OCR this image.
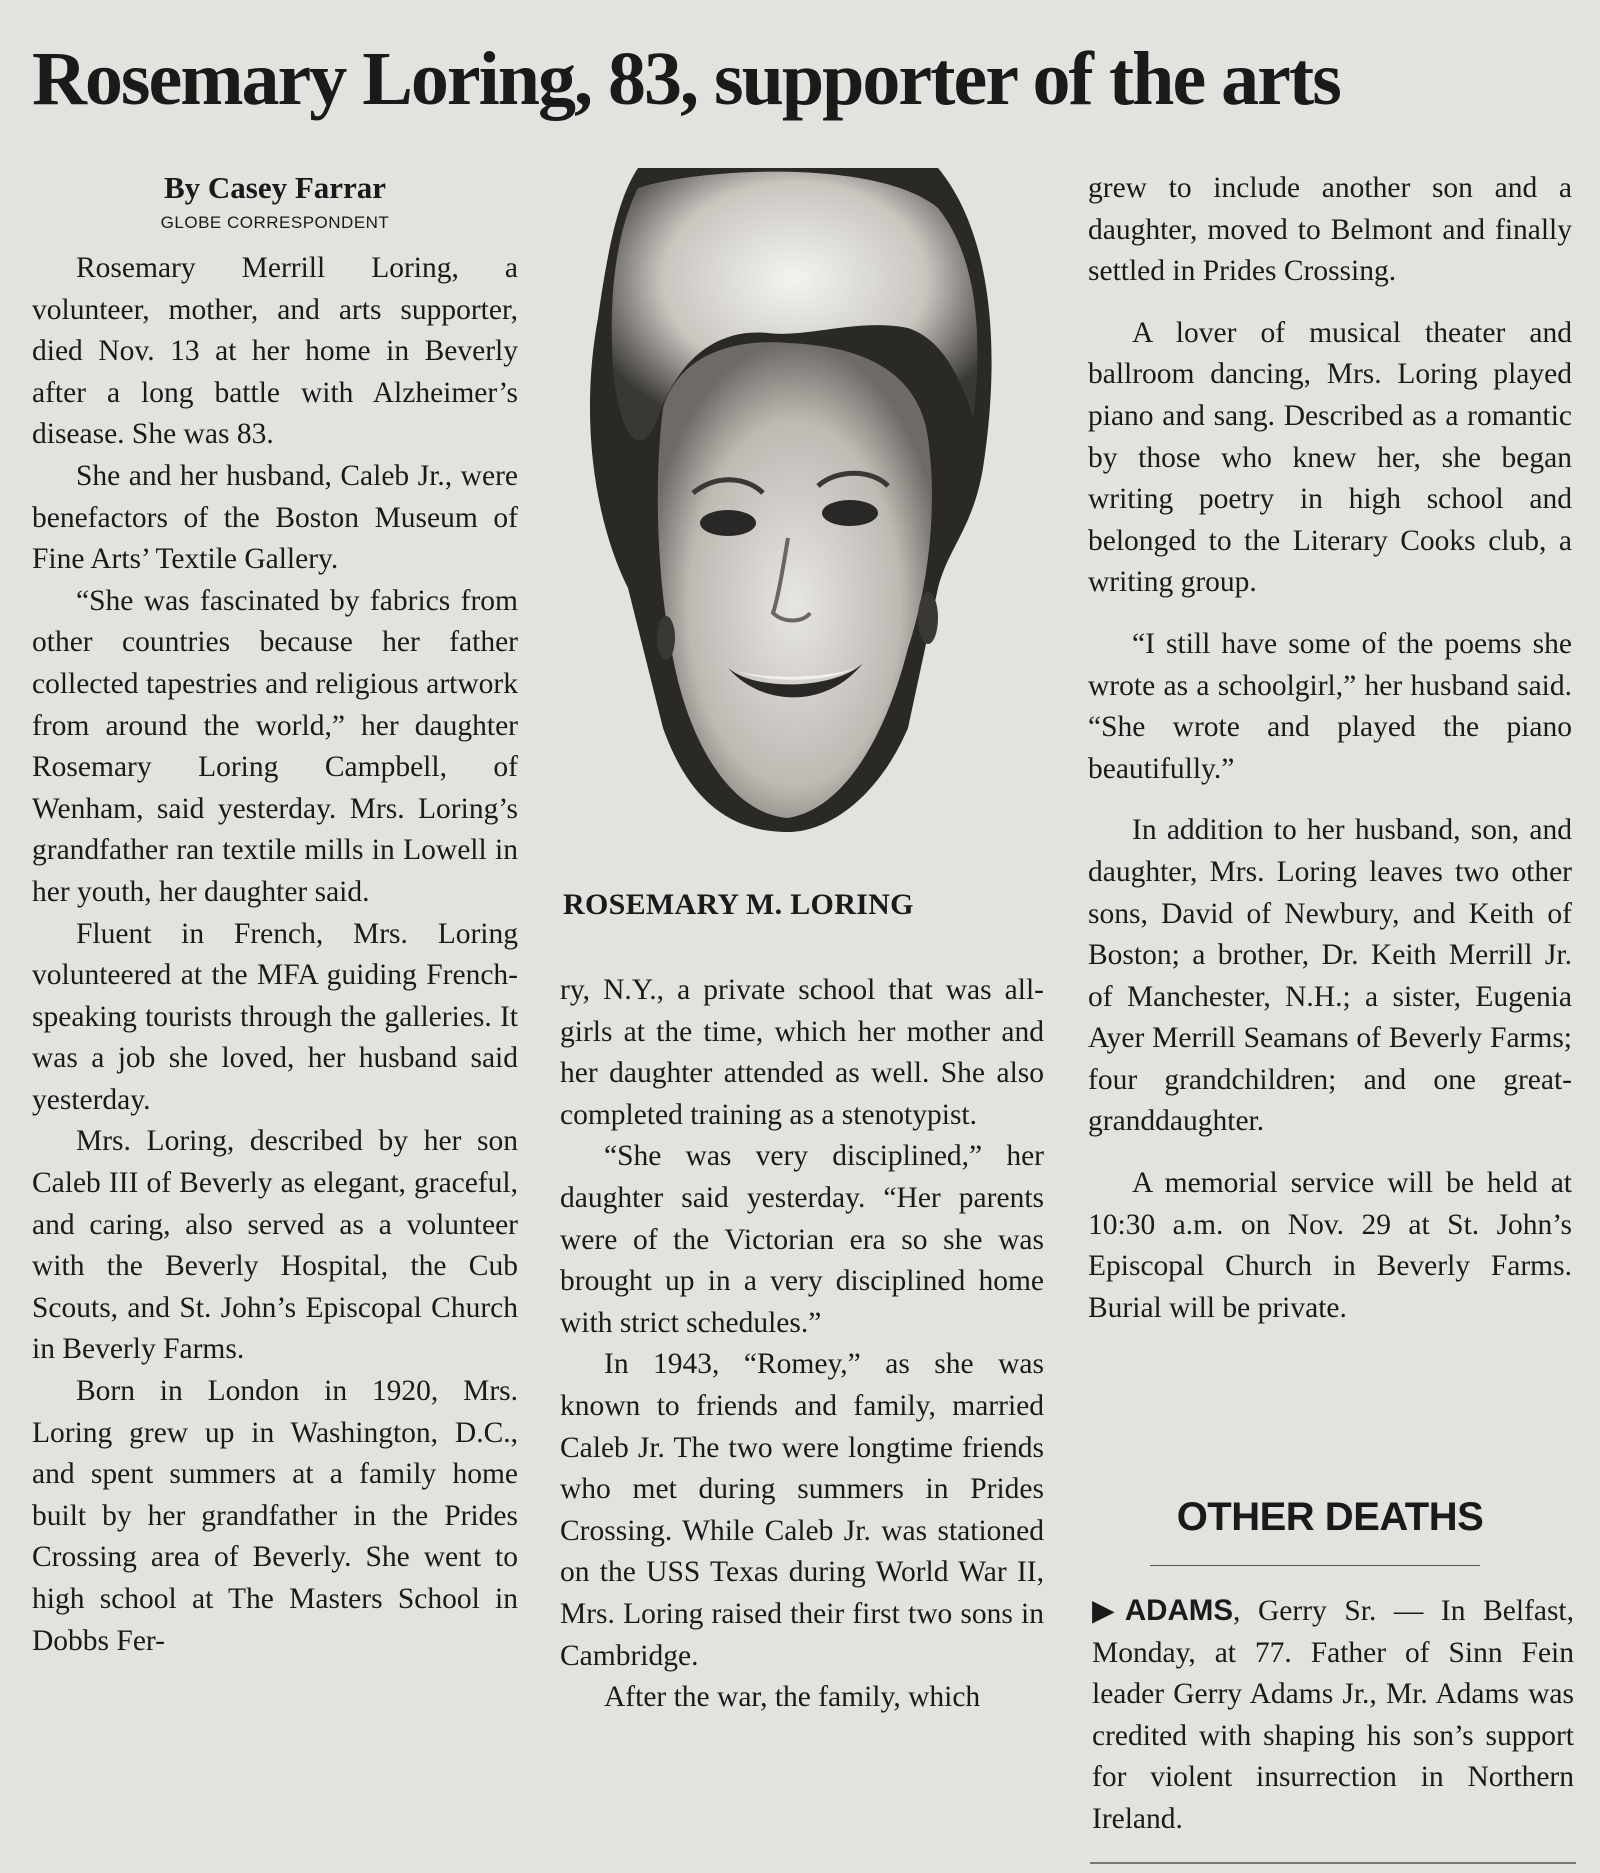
Rosemary Loring, 83, supporter of the arts
By Casey Farrar
GLOBE CORRESPONDENT

Rosemary Merrill Loring, a volunteer, mother, and arts supporter, died Nov. 13 at her home in Beverly after a long battle with Alzheimer’s disease. She was 83.

She and her husband, Caleb Jr., were benefactors of the Boston Museum of Fine Arts’ Textile Gallery.

“She was fascinated by fabrics from other countries because her father collected tapestries and religious artwork from around the world,” her daughter Rosemary Loring Campbell, of Wenham, said yesterday. Mrs. Loring’s grandfather ran textile mills in Lowell in her youth, her daughter said.

Fluent in French, Mrs. Loring volunteered at the MFA guiding French-speaking tourists through the galleries. It was a job she loved, her husband said yesterday.

Mrs. Loring, described by her son Caleb III of Beverly as elegant, graceful, and caring, also served as a volunteer with the Beverly Hospital, the Cub Scouts, and St. John’s Episcopal Church in Beverly Farms.

Born in London in 1920, Mrs. Loring grew up in Washington, D.C., and spent summers at a family home built by her grandfather in the Prides Crossing area of Beverly. She went to high school at The Masters School in Dobbs Fer-

ROSEMARY M. LORING

ry, N.Y., a private school that was all-girls at the time, which her mother and her daughter attended as well. She also completed training as a stenotypist.

“She was very disciplined,” her daughter said yesterday. “Her parents were of the Victorian era so she was brought up in a very disciplined home with strict schedules.”

In 1943, “Romey,” as she was known to friends and family, married Caleb Jr. The two were longtime friends who met during summers in Prides Crossing. While Caleb Jr. was stationed on the USS Texas during World War II, Mrs. Loring raised their first two sons in Cambridge.

After the war, the family, which

grew to include another son and a daughter, moved to Belmont and finally settled in Prides Crossing.

A lover of musical theater and ballroom dancing, Mrs. Loring played piano and sang. Described as a romantic by those who knew her, she began writing poetry in high school and belonged to the Literary Cooks club, a writing group.

“I still have some of the poems she wrote as a schoolgirl,” her husband said. “She wrote and played the piano beautifully.”

In addition to her husband, son, and daughter, Mrs. Loring leaves two other sons, David of Newbury, and Keith of Boston; a brother, Dr. Keith Merrill Jr. of Manchester, N.H.; a sister, Eugenia Ayer Merrill Seamans of Beverly Farms; four grandchildren; and one great-granddaughter.

A memorial service will be held at 10:30 a.m. on Nov. 29 at St. John’s Episcopal Church in Beverly Farms. Burial will be private.

OTHER DEATHS
▶ADAMS, Gerry Sr. — In Belfast, Monday, at 77. Father of Sinn Fein leader Gerry Adams Jr., Mr. Adams was credited with shaping his son’s support for violent insurrection in Northern Ireland.
